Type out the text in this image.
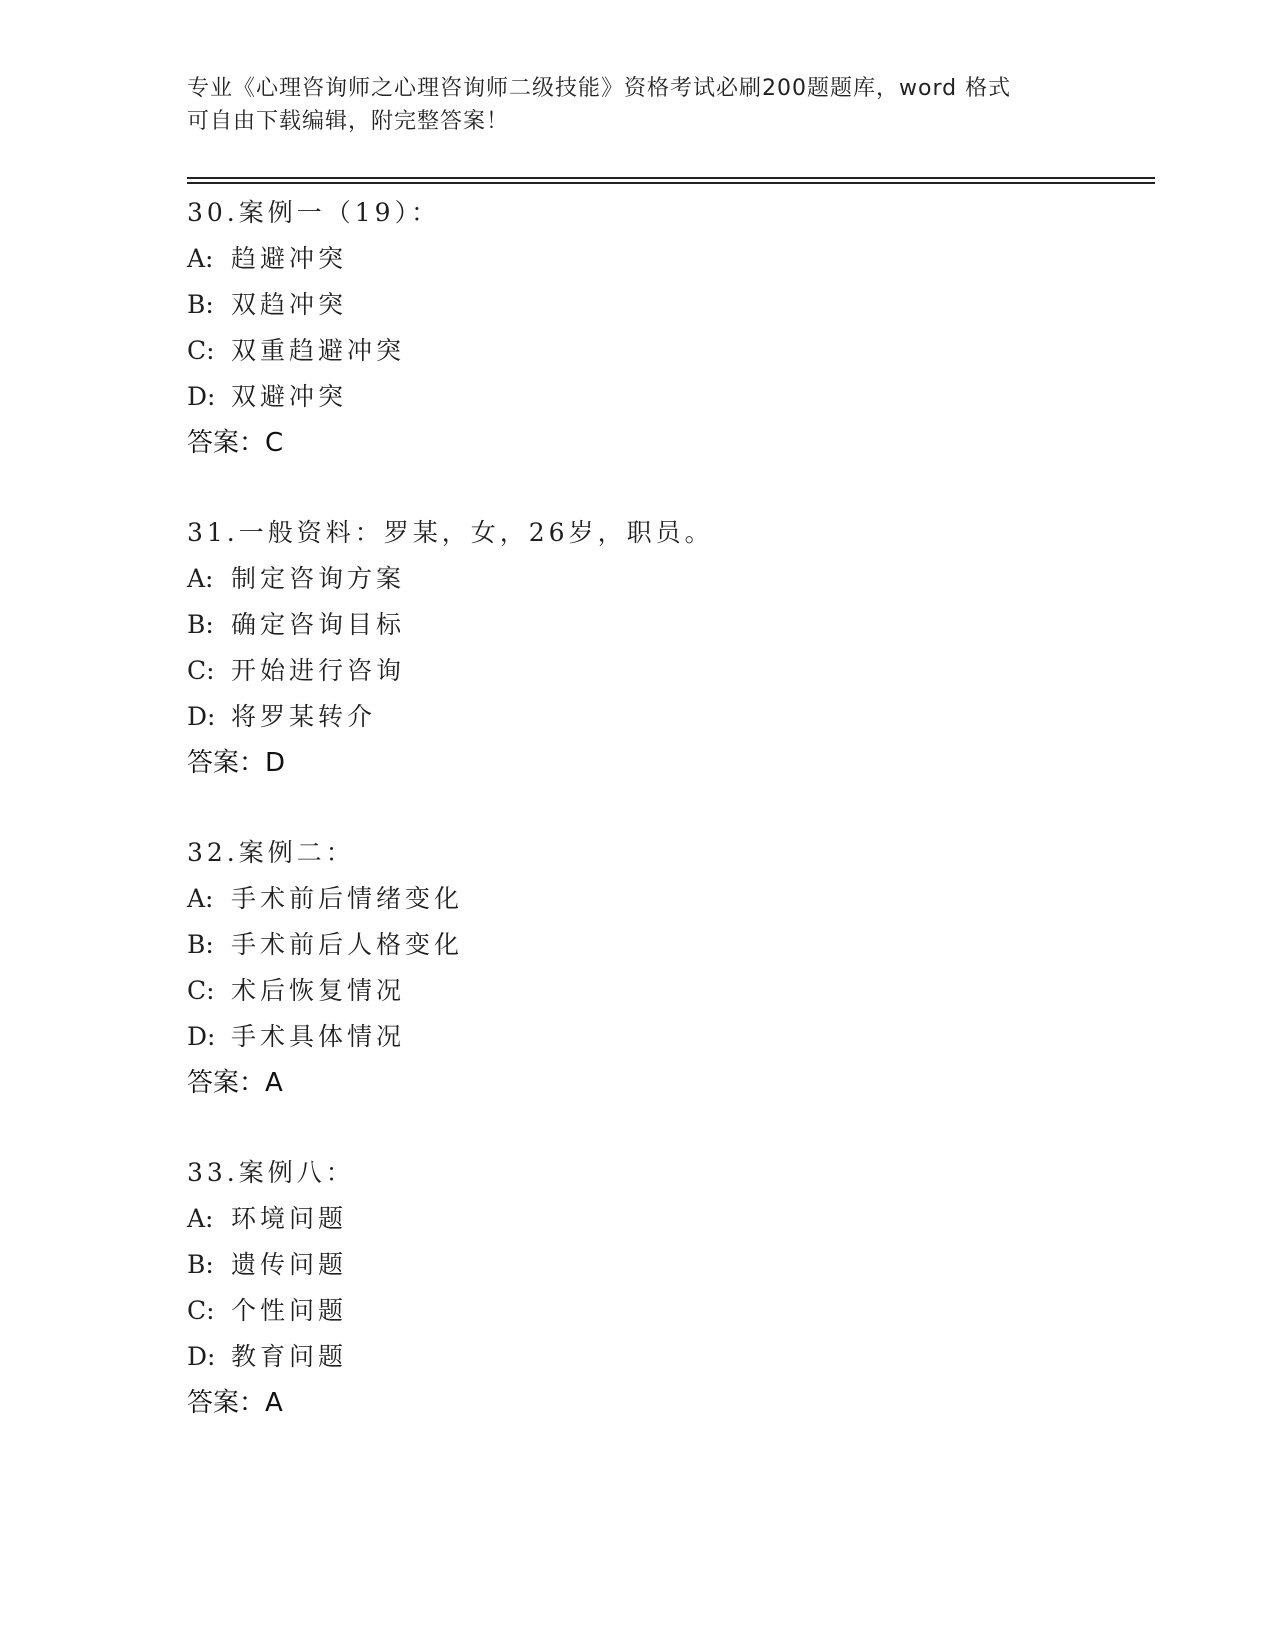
专业《心理咨询师之心理咨询师二级技能》资格考试必刷200题题库，word 格式
可自由下载编辑，附完整答案！
30.案例一（19）：
A: 趋避冲突
B: 双趋冲突
C: 双重趋避冲突
D: 双避冲突
答案：C
31.一般资料：罗某，女，26岁，职员。
A: 制定咨询方案
B: 确定咨询目标
C: 开始进行咨询
D: 将罗某转介
答案：D
32.案例二：
A: 手术前后情绪变化
B: 手术前后人格变化
C: 术后恢复情况
D: 手术具体情况
答案：A
33.案例八：
A: 环境问题
B: 遗传问题
C: 个性问题
D: 教育问题
答案：A
